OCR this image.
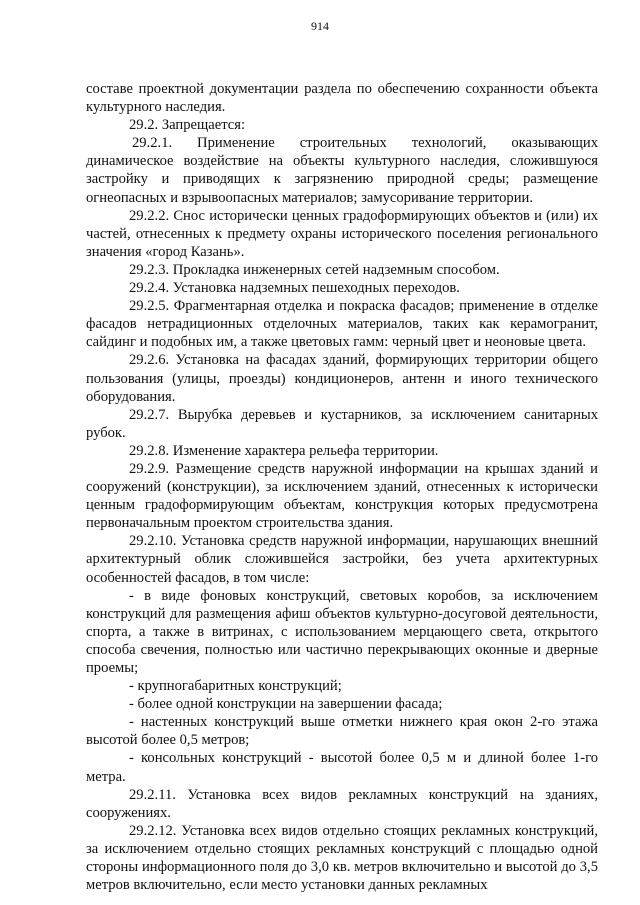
914

составе проектной документации раздела по обеспечению сохранности объекта культурного наследия.

29.2. Запрещается:

29.2.1. Применение строительных технологий, оказывающих динамическое воздействие на объекты культурного наследия, сложившуюся застройку и приводящих к загрязнению природной среды; размещение огнеопасных и взрывоопасных материалов; замусоривание территории.

29.2.2. Снос исторически ценных градоформирующих объектов и (или) их частей, отнесенных к предмету охраны исторического поселения регионального значения «город Казань».

29.2.3. Прокладка инженерных сетей надземным способом.

29.2.4. Установка надземных пешеходных переходов.

29.2.5. Фрагментарная отделка и покраска фасадов; применение в отделке фасадов нетрадиционных отделочных материалов, таких как керамогранит, сайдинг и подобных им, а также цветовых гамм: черный цвет и неоновые цвета.

29.2.6. Установка на фасадах зданий, формирующих территории общего пользования (улицы, проезды) кондиционеров, антенн и иного технического оборудования.

29.2.7. Вырубка деревьев и кустарников, за исключением санитарных рубок.

29.2.8. Изменение характера рельефа территории.

29.2.9. Размещение средств наружной информации на крышах зданий и сооружений (конструкции), за исключением зданий, отнесенных к исторически ценным градоформирующим объектам, конструкция которых предусмотрена первоначальным проектом строительства здания.

29.2.10. Установка средств наружной информации, нарушающих внешний архитектурный облик сложившейся застройки, без учета архитектурных особенностей фасадов, в том числе:

- в виде фоновых конструкций, световых коробов, за исключением конструкций для размещения афиш объектов культурно-досуговой деятельности, спорта, а также в витринах, с использованием мерцающего света, открытого способа свечения, полностью или частично перекрывающих оконные и дверные проемы;

- крупногабаритных конструкций;

- более одной конструкции на завершении фасада;

- настенных конструкций выше отметки нижнего края окон 2-го этажа высотой более 0,5 метров;

- консольных конструкций - высотой более 0,5 м и длиной более 1-го метра.

29.2.11. Установка всех видов рекламных конструкций на зданиях, сооружениях.

29.2.12. Установка всех видов отдельно стоящих рекламных конструкций, за исключением отдельно стоящих рекламных конструкций с площадью одной стороны информационного поля до 3,0 кв. метров включительно и высотой до 3,5 метров включительно, если место установки данных рекламных
